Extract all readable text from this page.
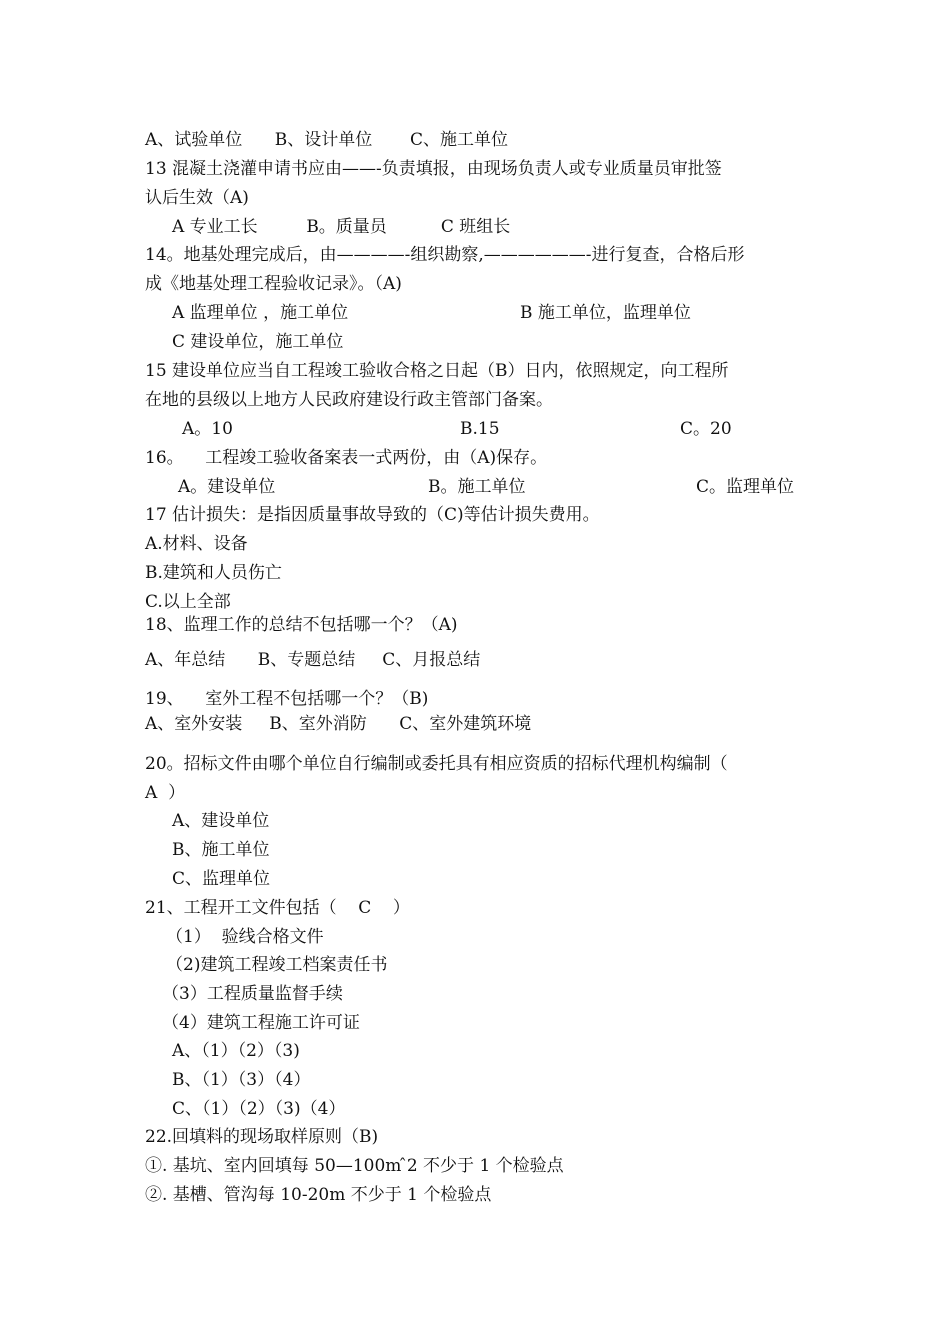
A、试验单位      B、设计单位       C、施工单位

13 混凝土浇灌申请书应由——-负责填报，由现场负责人或专业质量员审批签

认后生效（A)

A 专业工长         B。质量员          C 班组长

14。地基处理完成后，由————-组织勘察,——————-进行复查，合格后形

成《地基处理工程验收记录》。（A)

A 监理单位 ，施工单位	B 施工单位，监理单位

C 建设单位，施工单位

15 建设单位应当自工程竣工验收合格之日起（B）日内，依照规定，向工程所

在地的县级以上地方人民政府建设行政主管部门备案。

A。10	B.15	C。20

16。    工程竣工验收备案表一式两份，由（A)保存。

A。建设单位	B。施工单位	C。监理单位

17 估计损失：是指因质量事故导致的（C)等估计损失费用。

A.材料、设备

B.建筑和人员伤亡

C.以上全部

18、监理工作的总结不包括哪一个？（A)

A、年总结      B、专题总结     C、月报总结

19、    室外工程不包括哪一个？（B)

A、室外安装     B、室外消防      C、室外建筑环境

20。招标文件由哪个单位自行编制或委托具有相应资质的招标代理机构编制（

A  ）

A、建设单位

B、施工单位

C、监理单位

21、工程开工文件包括（    C    ）

（1）  验线合格文件

（2)建筑工程竣工档案责任书

（3）工程质量监督手续

（4）建筑工程施工许可证

A、（1）（2）（3)

B、（1）（3）（4）

C、（1）（2）（3)（4）

22.回填料的现场取样原则（B)

①. 基坑、室内回填每 50—100m ̂2 不少于 1 个检验点

②. 基槽、管沟每 10-20m 不少于 1 个检验点
